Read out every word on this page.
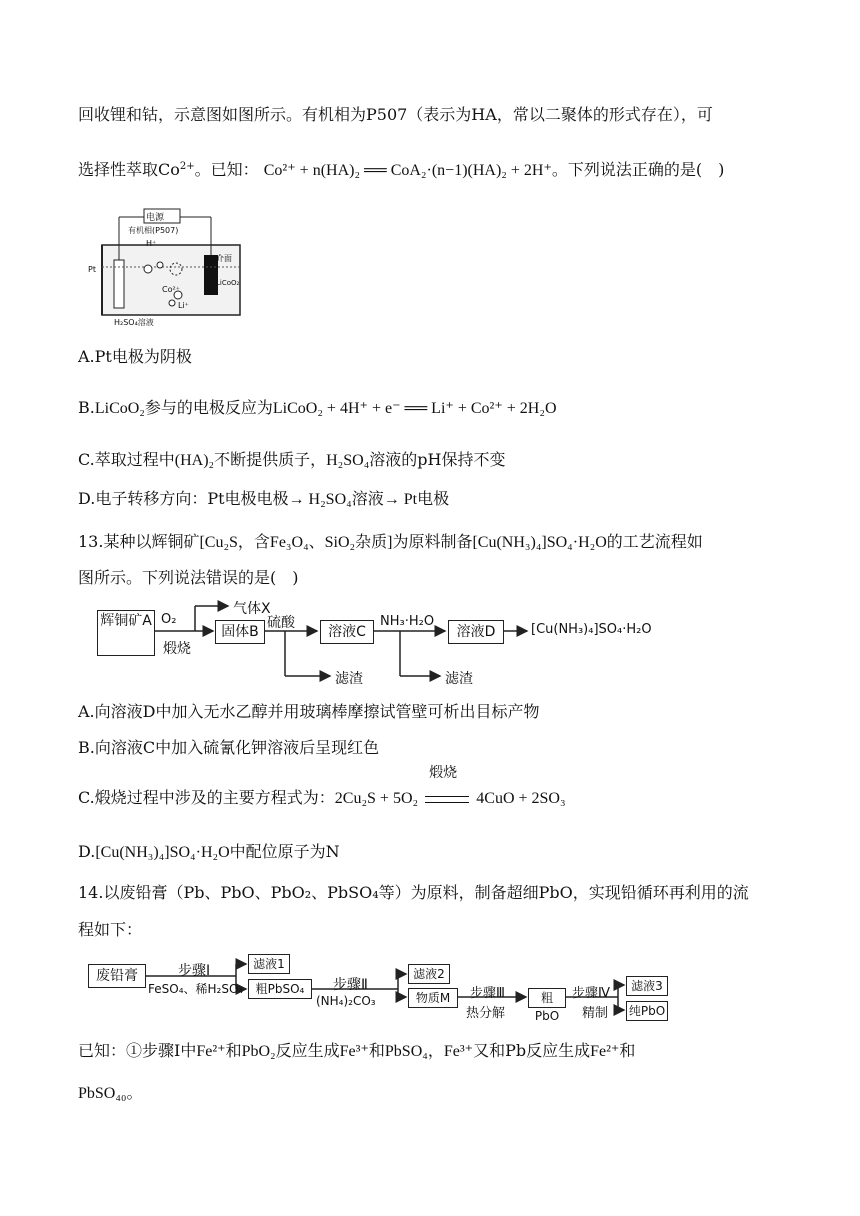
回收锂和钴，示意图如图所示。有机相为P507（表示为HA，常以二聚体的形式存在），可
选择性萃取$Co^{2+}$。已知： Co²⁺ + n(HA)₂ ══ CoA₂·(n−1)(HA)₂ + 2H⁺。下列说法正确的是(　)
电源
有机相(P507)
H⁺
介面
Pt
LiCoO₂
Co²⁺
Li⁺
H₂SO₄溶液
A.Pt电极为阴极
B.LiCoO₂参与的电极反应为LiCoO₂ + 4H⁺ + e⁻ ══ Li⁺ + Co²⁺ + 2H₂O
C.萃取过程中(HA)₂不断提供质子，H₂SO₄溶液的pH保持不变
D.电子转移方向：Pt电极电极→ H₂SO₄溶液→ Pt电极
13.某种以辉铜矿[Cu₂S，含Fe₃O₄、SiO₂杂质]为原料制备[Cu(NH₃)₄]SO₄·H₂O的工艺流程如
图所示。下列说法错误的是(　)
辉铜矿A O₂
煅烧
气体X
固体B
硫酸
溶液C
滤渣
NH₃·H₂O
溶液D
滤渣
[Cu(NH₃)₄]SO₄·H₂O
A.向溶液D中加入无水乙醇并用玻璃棒摩擦试管壁可析出目标产物
B.向溶液C中加入硫氰化钾溶液后呈现红色
C.煅烧过程中涉及的主要方程式为：2Cu₂S + 5O₂
煅烧
4CuO + 2SO₃
D.[Cu(NH₃)₄]SO₄·H₂O中配位原子为N
14.以废铅膏（Pb、PbO、PbO₂、PbSO₄等）为原料，制备超细PbO，实现铅循环再利用的流
程如下：
废铅膏	步骤Ⅰ
FeSO₄、稀H₂SO₄
滤液1
粗PbSO₄	步骤Ⅱ
(NH₄)₂CO₃
滤液2
物质M	步骤Ⅲ
热分解
粗PbO
步骤Ⅳ
精制
滤液3
纯PbO
已知：①步骤Ⅰ中Fe²⁺和PbO₂反应生成Fe³⁺和PbSO₄，Fe³⁺又和Pb反应生成Fe²⁺和
PbSO₄₀。
